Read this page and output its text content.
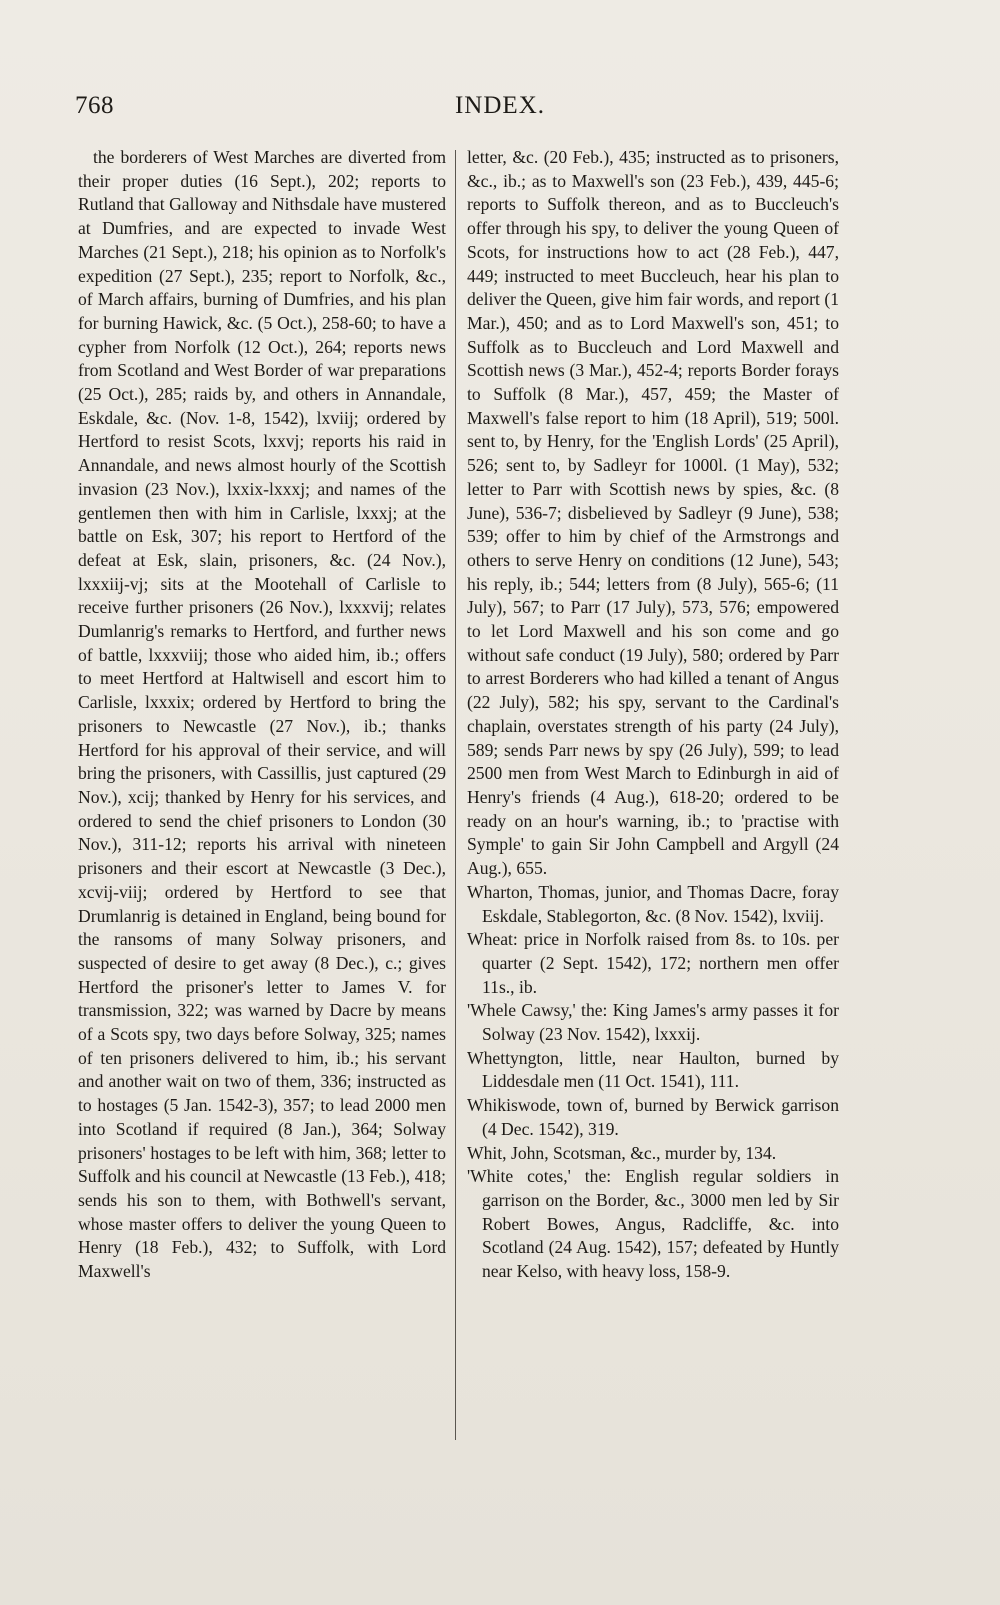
768	INDEX.

the borderers of West Marches are diverted from their proper duties (16 Sept.), 202; reports to Rutland that Galloway and Nithsdale have mustered at Dumfries, and are expected to invade West Marches (21 Sept.), 218; his opinion as to Norfolk's expedition (27 Sept.), 235; report to Norfolk, &c., of March affairs, burning of Dumfries, and his plan for burning Hawick, &c. (5 Oct.), 258-60; to have a cypher from Norfolk (12 Oct.), 264; reports news from Scotland and West Border of war preparations (25 Oct.), 285; raids by, and others in Annandale, Eskdale, &c. (Nov. 1-8, 1542), lxviij; ordered by Hertford to resist Scots, lxxvj; reports his raid in Annandale, and news almost hourly of the Scottish invasion (23 Nov.), lxxix-lxxxj; and names of the gentlemen then with him in Carlisle, lxxxj; at the battle on Esk, 307; his report to Hertford of the defeat at Esk, slain, prisoners, &c. (24 Nov.), lxxxiij-vj; sits at the Mootehall of Carlisle to receive further prisoners (26 Nov.), lxxxvij; relates Dumlanrig's remarks to Hertford, and further news of battle, lxxxviij; those who aided him, ib.; offers to meet Hertford at Haltwisell and escort him to Carlisle, lxxxix; ordered by Hertford to bring the prisoners to Newcastle (27 Nov.), ib.; thanks Hertford for his approval of their service, and will bring the prisoners, with Cassillis, just captured (29 Nov.), xcij; thanked by Henry for his services, and ordered to send the chief prisoners to London (30 Nov.), 311-12; reports his arrival with nineteen prisoners and their escort at Newcastle (3 Dec.), xcvij-viij; ordered by Hertford to see that Drumlanrig is detained in England, being bound for the ransoms of many Solway prisoners, and suspected of desire to get away (8 Dec.), c.; gives Hertford the prisoner's letter to James V. for transmission, 322; was warned by Dacre by means of a Scots spy, two days before Solway, 325; names of ten prisoners delivered to him, ib.; his servant and another wait on two of them, 336; instructed as to hostages (5 Jan. 1542-3), 357; to lead 2000 men into Scotland if required (8 Jan.), 364; Solway prisoners' hostages to be left with him, 368; letter to Suffolk and his council at Newcastle (13 Feb.), 418; sends his son to them, with Bothwell's servant, whose master offers to deliver the young Queen to Henry (18 Feb.), 432; to Suffolk, with Lord Maxwell's

letter, &c. (20 Feb.), 435; instructed as to prisoners, &c., ib.; as to Maxwell's son (23 Feb.), 439, 445-6; reports to Suffolk thereon, and as to Buccleuch's offer through his spy, to deliver the young Queen of Scots, for instructions how to act (28 Feb.), 447, 449; instructed to meet Buccleuch, hear his plan to deliver the Queen, give him fair words, and report (1 Mar.), 450; and as to Lord Maxwell's son, 451; to Suffolk as to Buccleuch and Lord Maxwell and Scottish news (3 Mar.), 452-4; reports Border forays to Suffolk (8 Mar.), 457, 459; the Master of Maxwell's false report to him (18 April), 519; 500l. sent to, by Henry, for the 'English Lords' (25 April), 526; sent to, by Sadleyr for 1000l. (1 May), 532; letter to Parr with Scottish news by spies, &c. (8 June), 536-7; disbelieved by Sadleyr (9 June), 538; 539; offer to him by chief of the Armstrongs and others to serve Henry on conditions (12 June), 543; his reply, ib.; 544; letters from (8 July), 565-6; (11 July), 567; to Parr (17 July), 573, 576; empowered to let Lord Maxwell and his son come and go without safe conduct (19 July), 580; ordered by Parr to arrest Borderers who had killed a tenant of Angus (22 July), 582; his spy, servant to the Cardinal's chaplain, overstates strength of his party (24 July), 589; sends Parr news by spy (26 July), 599; to lead 2500 men from West March to Edinburgh in aid of Henry's friends (4 Aug.), 618-20; ordered to be ready on an hour's warning, ib.; to 'practise with Symple' to gain Sir John Campbell and Argyll (24 Aug.), 655.

Wharton, Thomas, junior, and Thomas Dacre, foray Eskdale, Stablegorton, &c. (8 Nov. 1542), lxviij.

Wheat: price in Norfolk raised from 8s. to 10s. per quarter (2 Sept. 1542), 172; northern men offer 11s., ib.

'Whele Cawsy,' the: King James's army passes it for Solway (23 Nov. 1542), lxxxij.

Whettyngton, little, near Haulton, burned by Liddesdale men (11 Oct. 1541), 111.

Whikiswode, town of, burned by Berwick garrison (4 Dec. 1542), 319.

Whit, John, Scotsman, &c., murder by, 134.

'White cotes,' the: English regular soldiers in garrison on the Border, &c., 3000 men led by Sir Robert Bowes, Angus, Radcliffe, &c. into Scotland (24 Aug. 1542), 157; defeated by Huntly near Kelso, with heavy loss, 158-9.
